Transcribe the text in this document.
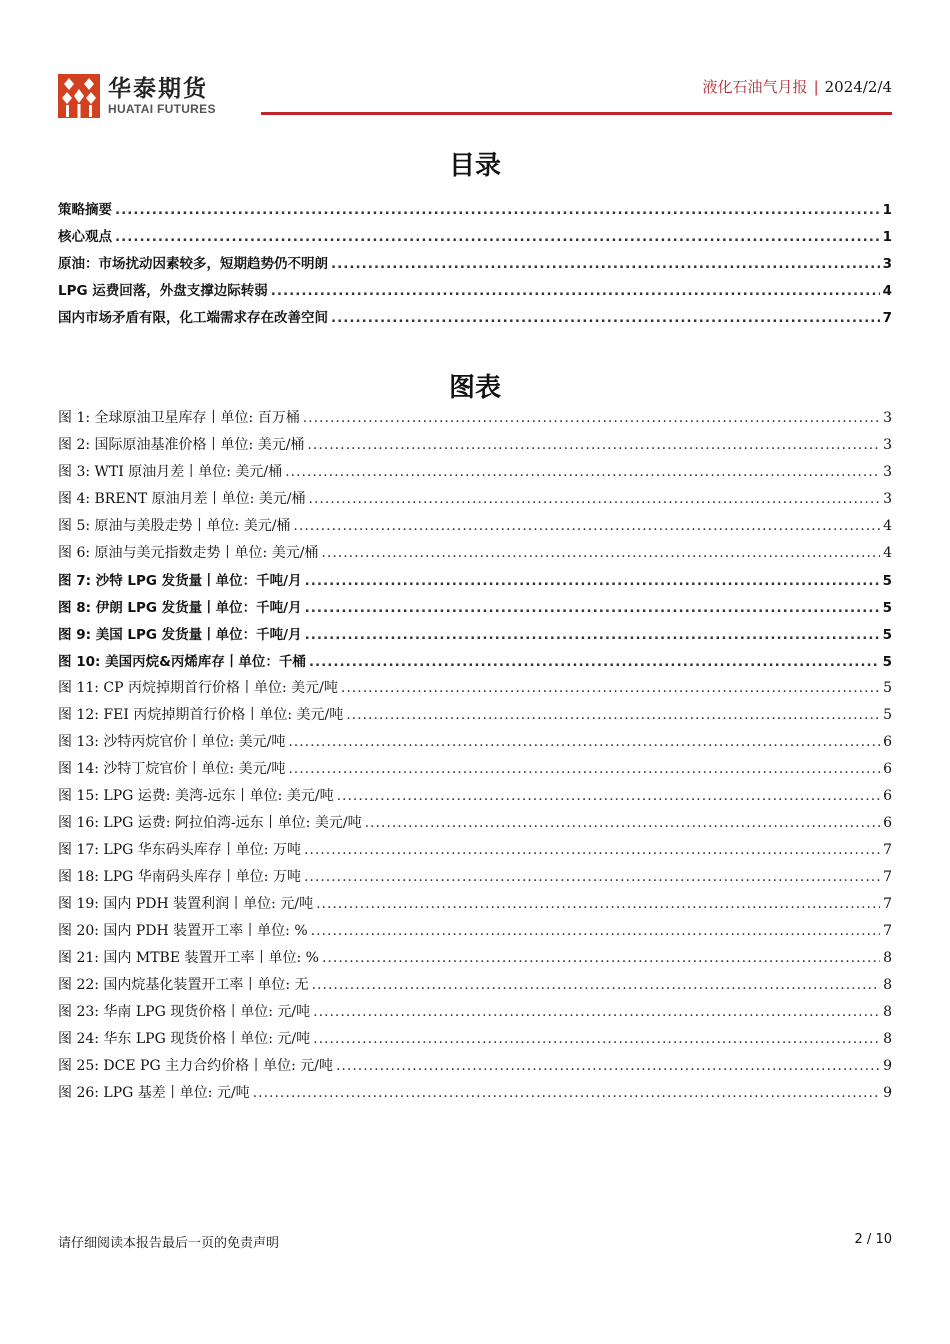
华泰期货
HUATAI FUTURES
液化石油气月报 | 2024/2/4
目录
策略摘要 .....	1
核心观点 .....	1
原油：市场扰动因素较多，短期趋势仍不明朗 .....	3
LPG 运费回落，外盘支撑边际转弱 .....	4
国内市场矛盾有限，化工端需求存在改善空间 .....	7
图表
图 1: 全球原油卫星库存丨单位: 百万桶 .....	3
图 2: 国际原油基准价格丨单位: 美元/桶 .....	3
图 3: WTI 原油月差丨单位: 美元/桶 .....	3
图 4: BRENT 原油月差丨单位: 美元/桶 .....	3
图 5: 原油与美股走势丨单位: 美元/桶 .....	4
图 6: 原油与美元指数走势丨单位: 美元/桶 .....	4
图 7: 沙特 LPG 发货量丨单位：千吨/月 .....	5
图 8: 伊朗 LPG 发货量丨单位：千吨/月 .....	5
图 9: 美国 LPG 发货量丨单位：千吨/月 .....	5
图 10: 美国丙烷&丙烯库存丨单位：千桶 .....	5
图 11: CP 丙烷掉期首行价格丨单位: 美元/吨 .....	5
图 12: FEI 丙烷掉期首行价格丨单位: 美元/吨 .....	5
图 13: 沙特丙烷官价丨单位: 美元/吨 .....	6
图 14: 沙特丁烷官价丨单位: 美元/吨 .....	6
图 15: LPG 运费: 美湾-远东丨单位: 美元/吨 .....	6
图 16: LPG 运费: 阿拉伯湾-远东丨单位: 美元/吨 .....	6
图 17: LPG 华东码头库存丨单位: 万吨 .....	7
图 18: LPG 华南码头库存丨单位: 万吨 .....	7
图 19: 国内 PDH 装置利润丨单位: 元/吨 .....	7
图 20: 国内 PDH 装置开工率丨单位: % .....	7
图 21: 国内 MTBE 装置开工率丨单位: % .....	8
图 22: 国内烷基化装置开工率丨单位: 无 .....	8
图 23: 华南 LPG 现货价格丨单位: 元/吨 .....	8
图 24: 华东 LPG 现货价格丨单位: 元/吨 .....	8
图 25: DCE PG 主力合约价格丨单位: 元/吨 .....	9
图 26: LPG 基差丨单位: 元/吨 .....	9
请仔细阅读本报告最后一页的免责声明	2 / 10
